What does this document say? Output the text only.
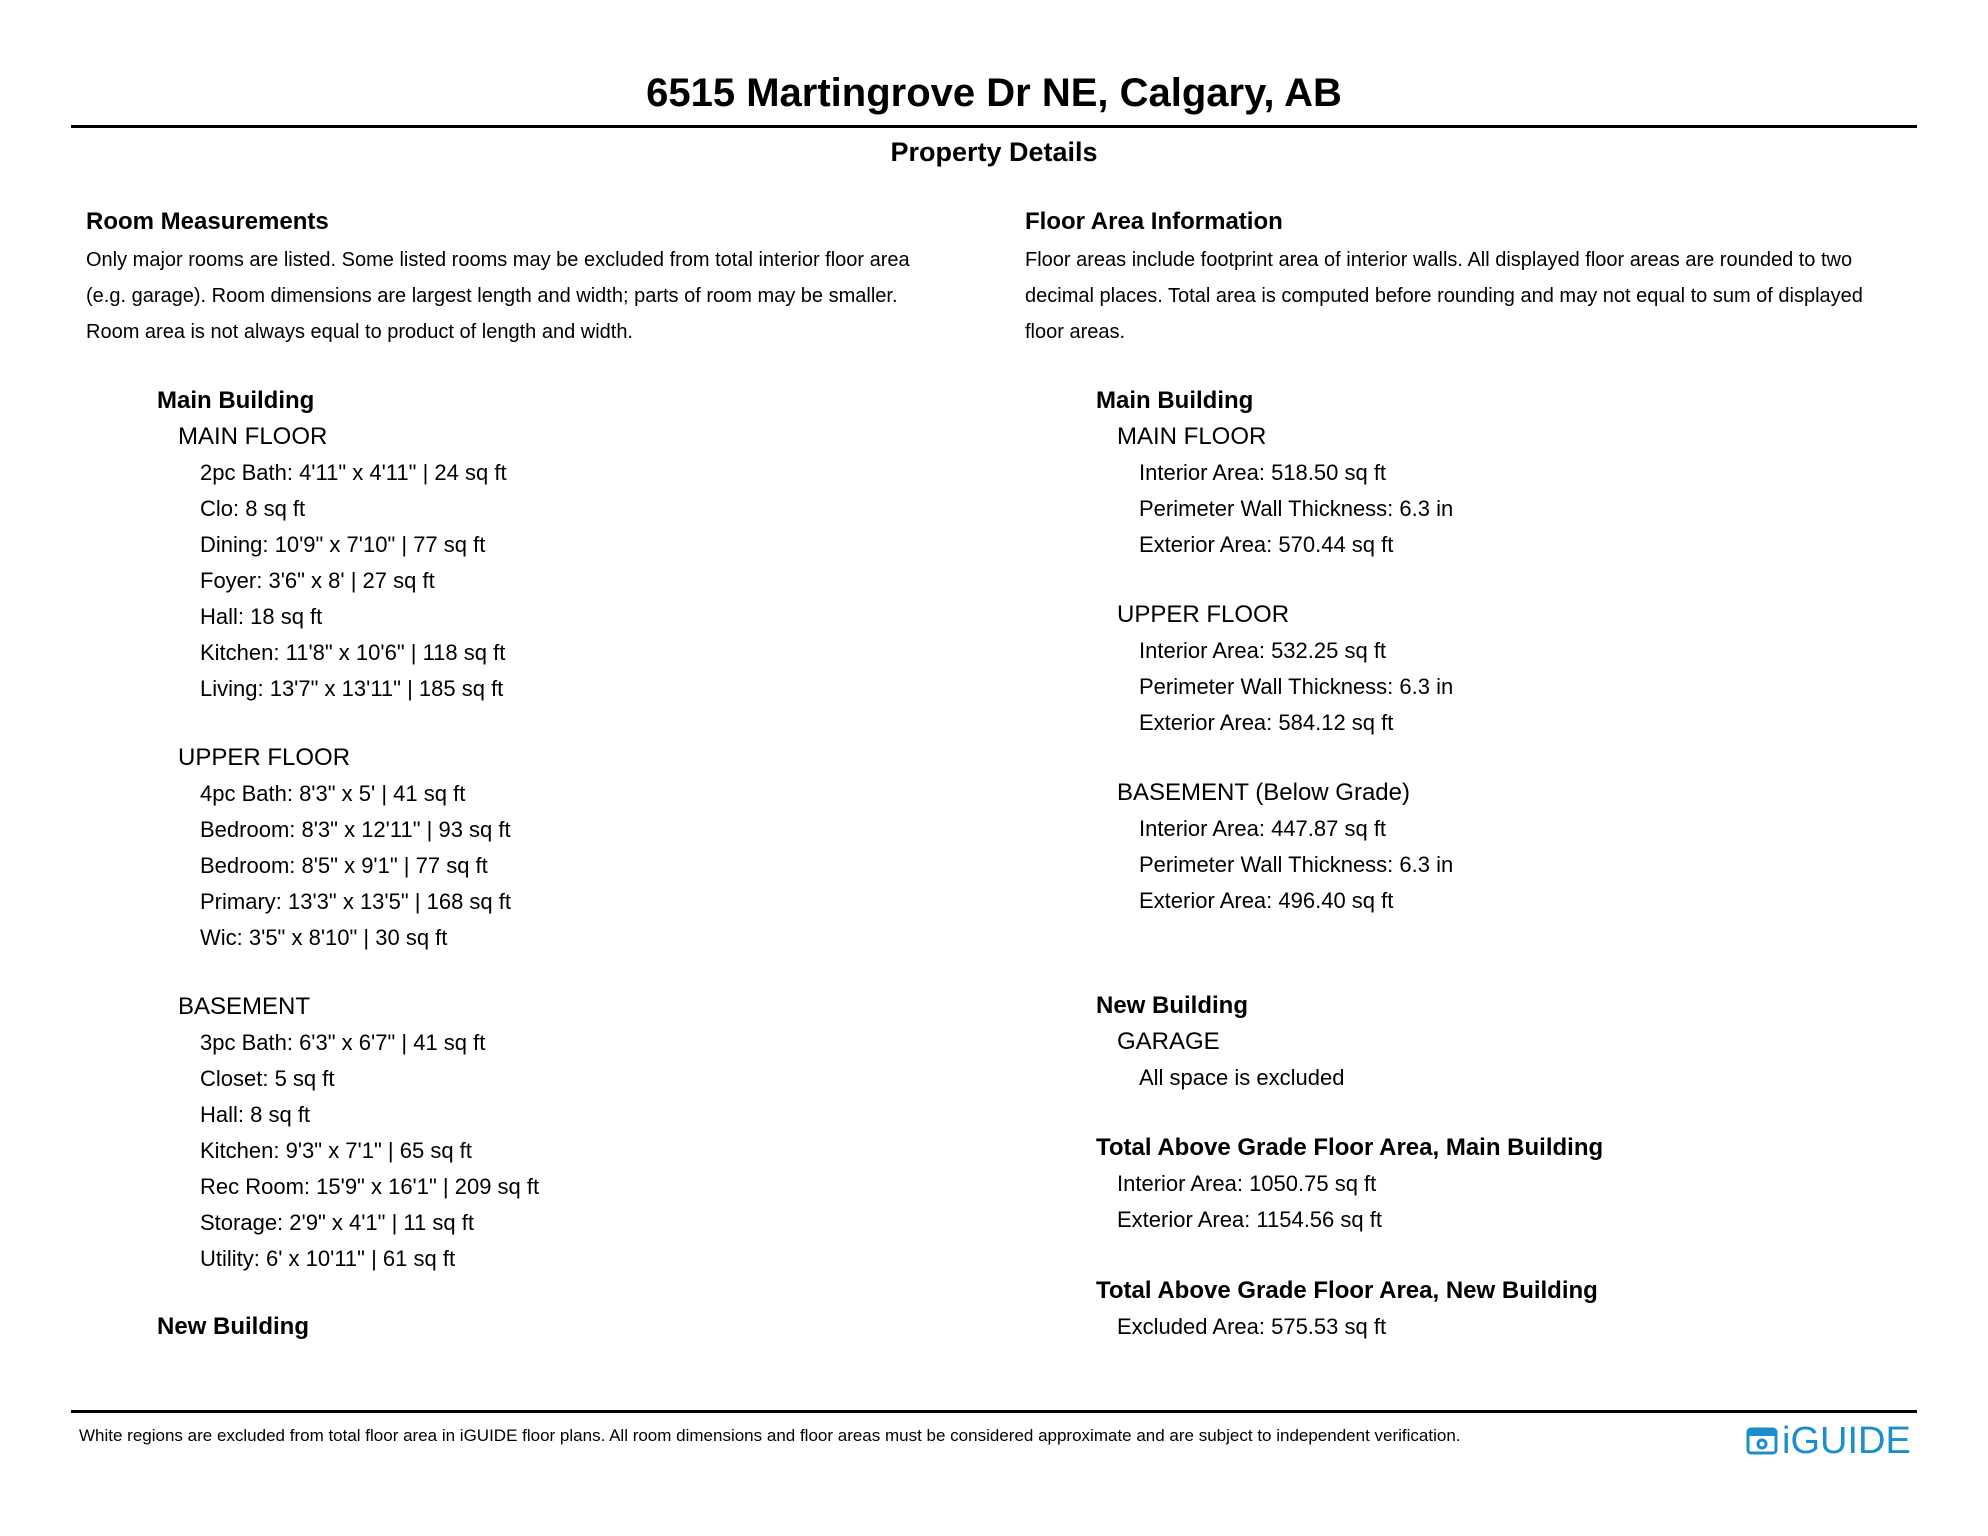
6515 Martingrove Dr NE, Calgary, AB
Property Details
Room Measurements
Only major rooms are listed. Some listed rooms may be excluded from total interior floor area
(e.g. garage). Room dimensions are largest length and width; parts of room may be smaller.
Room area is not always equal to product of length and width.
Main Building
MAIN FLOOR
2pc Bath: 4'11" x 4'11" | 24 sq ft
Clo: 8 sq ft
Dining: 10'9" x 7'10" | 77 sq ft
Foyer: 3'6" x 8' | 27 sq ft
Hall: 18 sq ft
Kitchen: 11'8" x 10'6" | 118 sq ft
Living: 13'7" x 13'11" | 185 sq ft
UPPER FLOOR
4pc Bath: 8'3" x 5' | 41 sq ft
Bedroom: 8'3" x 12'11" | 93 sq ft
Bedroom: 8'5" x 9'1" | 77 sq ft
Primary: 13'3" x 13'5" | 168 sq ft
Wic: 3'5" x 8'10" | 30 sq ft
BASEMENT
3pc Bath: 6'3" x 6'7" | 41 sq ft
Closet: 5 sq ft
Hall: 8 sq ft
Kitchen: 9'3" x 7'1" | 65 sq ft
Rec Room: 15'9" x 16'1" | 209 sq ft
Storage: 2'9" x 4'1" | 11 sq ft
Utility: 6' x 10'11" | 61 sq ft
New Building
Floor Area Information
Floor areas include footprint area of interior walls. All displayed floor areas are rounded to two
decimal places. Total area is computed before rounding and may not equal to sum of displayed
floor areas.
Main Building
MAIN FLOOR
Interior Area: 518.50 sq ft
Perimeter Wall Thickness: 6.3 in
Exterior Area: 570.44 sq ft
UPPER FLOOR
Interior Area: 532.25 sq ft
Perimeter Wall Thickness: 6.3 in
Exterior Area: 584.12 sq ft
BASEMENT (Below Grade)
Interior Area: 447.87 sq ft
Perimeter Wall Thickness: 6.3 in
Exterior Area: 496.40 sq ft
New Building
GARAGE
All space is excluded
Total Above Grade Floor Area, Main Building
Interior Area: 1050.75 sq ft
Exterior Area: 1154.56 sq ft
Total Above Grade Floor Area, New Building
Excluded Area: 575.53 sq ft
White regions are excluded from total floor area in iGUIDE floor plans. All room dimensions and floor areas must be considered approximate and are subject to independent verification.	iGUIDE
